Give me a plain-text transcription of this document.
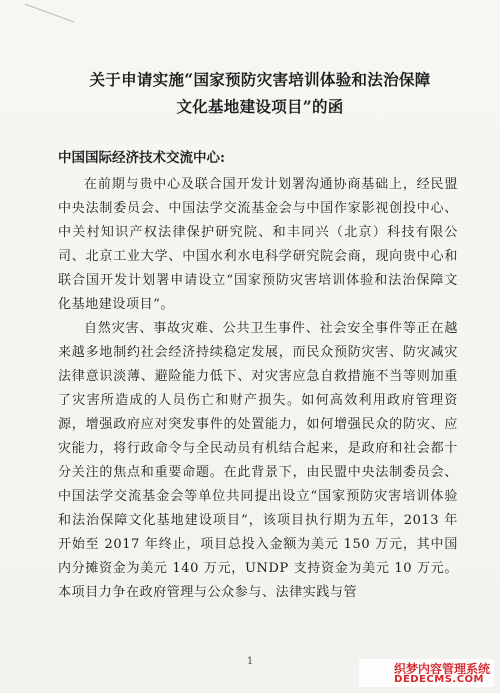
关于申请实施“国家预防灾害培训体验和法治保障
文化基地建设项目”的函
中国国际经济技术交流中心:

在前期与贵中心及联合国开发计划署沟通协商基础上，经民盟中央法制委员会、中国法学交流基金会与中国作家影视创投中心、中关村知识产权法律保护研究院、和丰同兴（北京）科技有限公司、北京工业大学、中国水利水电科学研究院会商，现向贵中心和联合国开发计划署申请设立“国家预防灾害培训体验和法治保障文化基地建设项目”。

自然灾害、事故灾难、公共卫生事件、社会安全事件等正在越来越多地制约社会经济持续稳定发展，而民众预防灾害、防灾减灾法律意识淡薄、避险能力低下、对灾害应急自救措施不当等则加重了灾害所造成的人员伤亡和财产损失。如何高效利用政府管理资源，增强政府应对突发事件的处置能力，如何增强民众的防灾、应灾能力，将行政命令与全民动员有机结合起来，是政府和社会都十分关注的焦点和重要命题。在此背景下，由民盟中央法制委员会、中国法学交流基金会等单位共同提出设立“国家预防灾害培训体验和法治保障文化基地建设项目”，该项目执行期为五年，2013 年开始至 2017 年终止，项目总投入金额为美元 150 万元，其中国内分摊资金为美元 140 万元，UNDP 支持资金为美元 10 万元。本项目力争在政府管理与公众参与、法律实践与管

1
织梦内容管理系统
DEDECMS.COM
